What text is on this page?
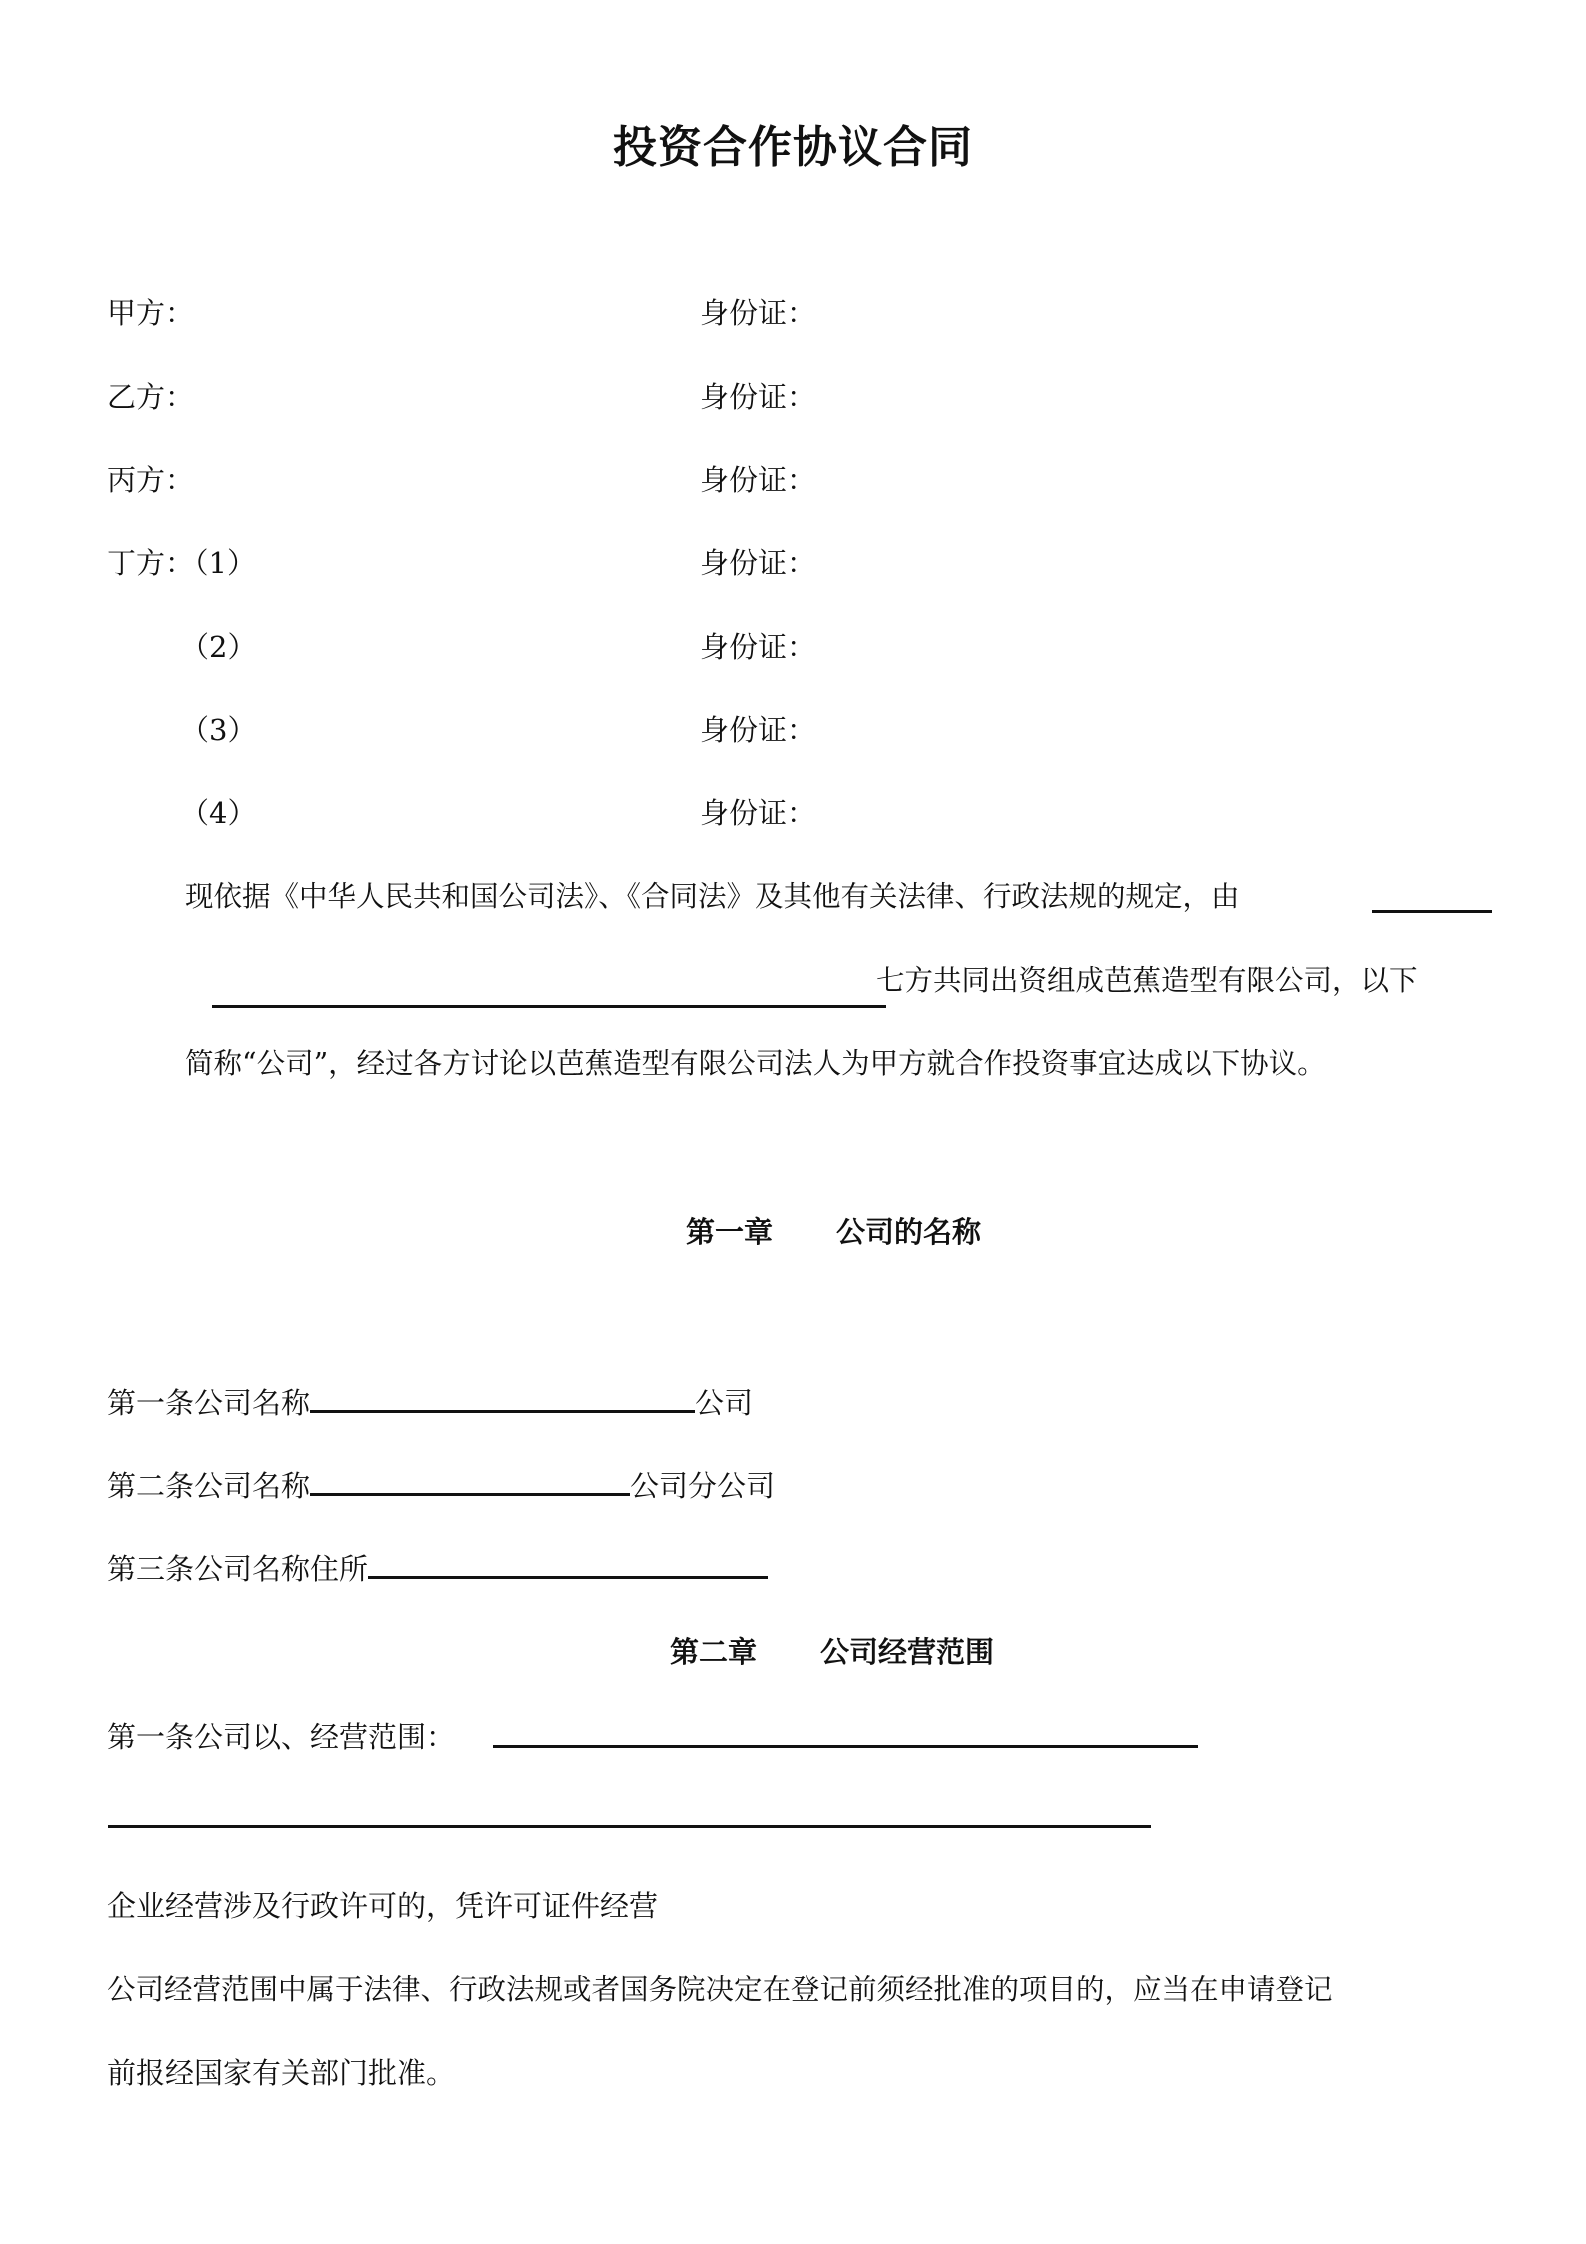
投资合作协议合同
甲方：	身份证：
乙方：	身份证：
丙方：	身份证：
丁方：（1）	身份证：
（2）	身份证：
（3）	身份证：
（4）	身份证：
现依据《中华人民共和国公司法》、《合同法》及其他有关法律、行政法规的规定，由
七方共同出资组成芭蕉造型有限公司，以下
简称“公司”，经过各方讨论以芭蕉造型有限公司法人为甲方就合作投资事宜达成以下协议。
第一章 公司的名称
第一条公司名称	公司
第二条公司名称	公司分公司
第三条公司名称住所
第二章 公司经营范围
第一条公司以、经营范围：
企业经营涉及行政许可的，凭许可证件经营
公司经营范围中属于法律、行政法规或者国务院决定在登记前须经批准的项目的，应当在申请登记
前报经国家有关部门批准。
